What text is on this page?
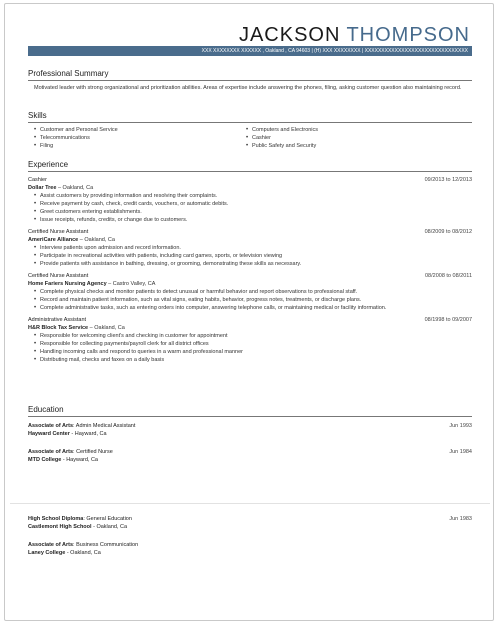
JACKSON THOMPSON
XXX XXXXXXXX XXXXXX , Oakland , CA 94603 | (H) XXX XXXXXXXX | XXXXXXXXXXXXXXXXXXXXXXXXXXXXXXX
Professional Summary
Motivated leader with strong organizational and prioritization abilities. Areas of expertise include answering the phones, filing, asking customer question also maintaining record.
Skills
• Customer and Personal Service
• Telecommunications
• Filing
• Computers and Electronics
• Cashier
• Public Safety and Security
Experience
Cashier	09/2013 to 12/2013
Dollar Tree – Oakland, Ca
• Assist customers by providing information and resolving their complaints.
• Receive payment by cash, check, credit cards, vouchers, or automatic debits.
• Greet customers entering establishments.
• Issue receipts, refunds, credits, or change due to customers.
Certified Nurse Assistant	08/2009 to 08/2012
AmeriCare Alliance – Oakland, Ca
• Interview patients upon admission and record information.
• Participate in recreational activities with patients, including card games, sports, or television viewing
• Provide patients with assistance in bathing, dressing, or grooming, demonstrating these skills as necessary.
Certified Nurse Assistant	08/2008 to 08/2011
Home Fariers Nursing Agency – Castro Valley, CA
• Complete physical checks and monitor patients to detect unusual or harmful behavior and report observations to professional staff.
• Record and maintain patient information, such as vital signs, eating habits, behavior, progress notes, treatments, or discharge plans.
• Complete administrative tasks, such as entering orders into computer, answering telephone calls, or maintaining medical or facility information.
Administrative Assistant	08/1998 to 09/2007
H&R Block Tax Service – Oakland, Ca
• Responsible for welcoming client's and checking in customer for appointment
• Responsible for collecting payments/payroll clerk for all district offices
• Handling incoming calls and respond to queries in a warm and professional manner
• Distributing mail, checks and faxes on a daily basis
Education
Associate of Arts: Admin Medical Assistant	Jun 1993
Hayward Center - Hayward, Ca
Associate of Arts: Certified Nurse	Jun 1984
MTD College - Hayward, Ca
High School Diploma: General Education	Jun 1983
Castlemont High School - Oakland, Ca
Associate of Arts: Business Communication
Laney College - Oakland, Ca
